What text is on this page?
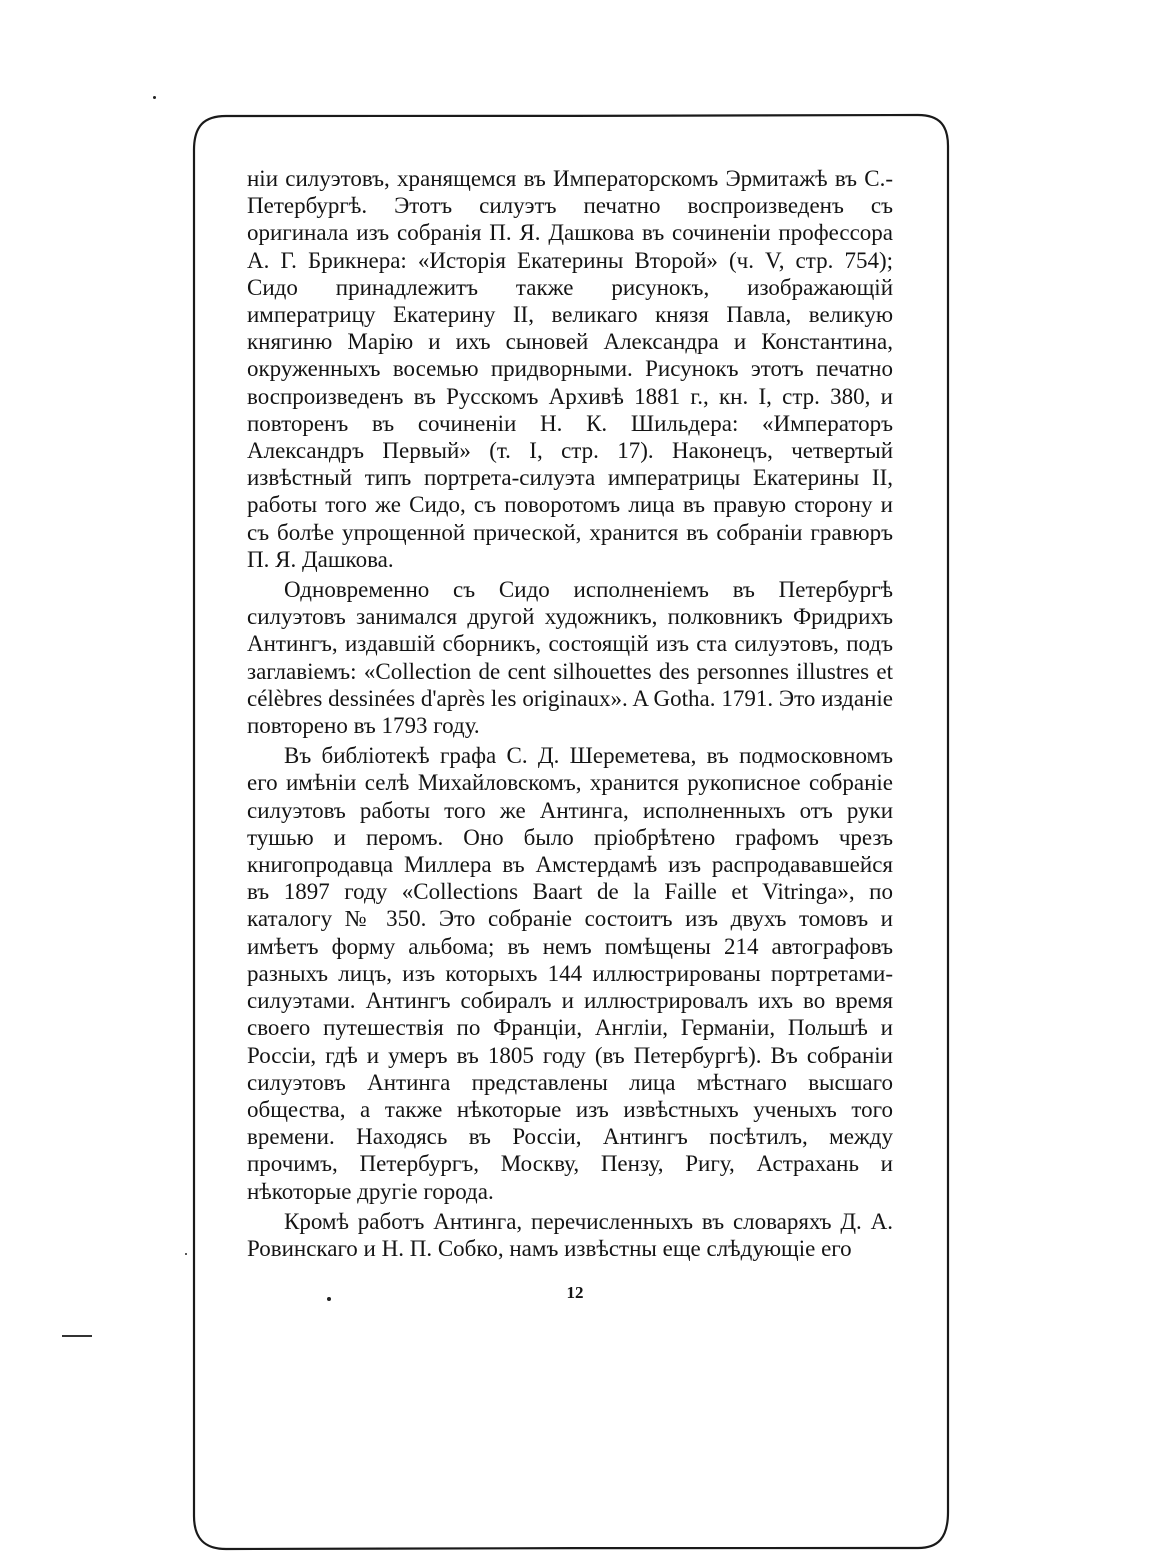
ніи силуэтовъ, хранящемся въ Императорскомъ Эрмитажѣ въ С.-Петербургѣ. Этотъ силуэтъ печатно воспроизведенъ съ оригинала изъ собранія П. Я. Дашкова въ сочиненіи профессора А. Г. Брикнера: «Исторія Екатерины Второй» (ч. V, стр. 754); Сидо принадлежитъ также рисунокъ, изображающій императрицу Екатерину II, великаго князя Павла, великую княгиню Марію и ихъ сыновей Александра и Константина, окруженныхъ восемью придворными. Рисунокъ этотъ печатно воспроизведенъ въ Русскомъ Архивѣ 1881 г., кн. I, стр. 380, и повторенъ въ сочиненіи Н. К. Шильдера: «Императоръ Александръ Первый» (т. I, стр. 17). Наконецъ, четвертый извѣстный типъ портрета-силуэта императрицы Екатерины II, работы того же Сидо, съ поворотомъ лица въ правую сторону и съ болѣе упрощенной прической, хранится въ собраніи гравюръ П. Я. Дашкова.

Одновременно съ Сидо исполненіемъ въ Петербургѣ силуэтовъ занимался другой художникъ, полковникъ Фридрихъ Антингъ, издавшій сборникъ, состоящій изъ ста силуэтовъ, подъ заглавіемъ: «Collection de cent silhouettes des personnes illustres et célèbres dessinées d'après les originaux». A Gotha. 1791. Это изданіе повторено въ 1793 году.

Въ библіотекѣ графа С. Д. Шереметева, въ подмосковномъ его имѣніи селѣ Михайловскомъ, хранится рукописное собраніе силуэтовъ работы того же Антинга, исполненныхъ отъ руки тушью и перомъ. Оно было пріобрѣтено графомъ чрезъ книгопродавца Миллера въ Амстердамѣ изъ распродававшейся въ 1897 году «Collections Baart de la Faille et Vitringa», по каталогу № 350. Это собраніе состоитъ изъ двухъ томовъ и имѣетъ форму альбома; въ немъ помѣщены 214 автографовъ разныхъ лицъ, изъ которыхъ 144 иллюстрированы портретами-силуэтами. Антингъ собиралъ и иллюстрировалъ ихъ во время своего путешествія по Франціи, Англіи, Германіи, Польшѣ и Россіи, гдѣ и умеръ въ 1805 году (въ Петербургѣ). Въ собраніи силуэтовъ Антинга представлены лица мѣстнаго высшаго общества, а также нѣкоторые изъ извѣстныхъ ученыхъ того времени. Находясь въ Россіи, Антингъ посѣтилъ, между прочимъ, Петербургъ, Москву, Пензу, Ригу, Астрахань и нѣкоторые другіе города.

Кромѣ работъ Антинга, перечисленныхъ въ словаряхъ Д. А. Ровинскаго и Н. П. Собко, намъ извѣстны еще слѣдующіе его

12
